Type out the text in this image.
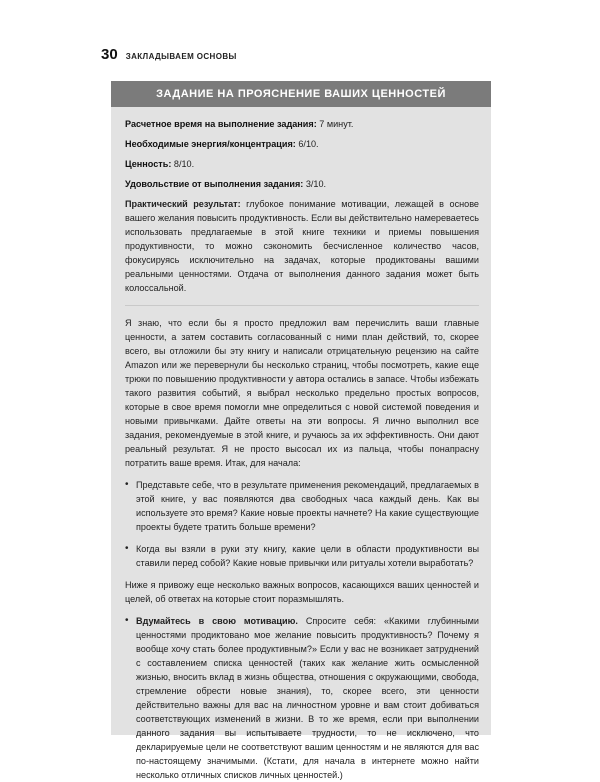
30 ЗАКЛАДЫВАЕМ ОСНОВЫ
ЗАДАНИЕ НА ПРОЯСНЕНИЕ ВАШИХ ЦЕННОСТЕЙ

Расчетное время на выполнение задания: 7 минут.

Необходимые энергия/концентрация: 6/10.

Ценность: 8/10.

Удовольствие от выполнения задания: 3/10.

Практический результат: глубокое понимание мотивации, лежащей в основе вашего желания повысить продуктивность. Если вы действительно намереваетесь использовать предлагаемые в этой книге техники и приемы повышения продуктивности, то можно сэкономить бесчисленное количество часов, фокусируясь исключительно на задачах, которые продиктованы вашими реальными ценностями. Отдача от выполнения данного задания может быть колоссальной.

Я знаю, что если бы я просто предложил вам перечислить ваши главные ценности, а затем составить согласованный с ними план действий, то, скорее всего, вы отложили бы эту книгу и написали отрицательную рецензию на сайте Amazon или же перевернули бы несколько страниц, чтобы посмотреть, какие еще трюки по повышению продуктивности у автора остались в запасе. Чтобы избежать такого развития событий, я выбрал несколько предельно простых вопросов, которые в свое время помогли мне определиться с новой системой поведения и новыми привычками. Дайте ответы на эти вопросы. Я лично выполнил все задания, рекомендуемые в этой книге, и ручаюсь за их эффективность. Они дают реальный результат. Я не просто высосал их из пальца, чтобы понапрасну потратить ваше время. Итак, для начала:

• Представьте себе, что в результате применения рекомендаций, предлагаемых в этой книге, у вас появляются два свободных часа каждый день. Как вы используете это время? Какие новые проекты начнете? На какие существующие проекты будете тратить больше времени?
• Когда вы взяли в руки эту книгу, какие цели в области продуктивности вы ставили перед собой? Какие новые привычки или ритуалы хотели выработать?

Ниже я привожу еще несколько важных вопросов, касающихся ваших ценностей и целей, об ответах на которые стоит поразмышлять.

• Вдумайтесь в свою мотивацию. Спросите себя: «Какими глубинными ценностями продиктовано мое желание повысить продуктивность? Почему я вообще хочу стать более продуктивным?» Если у вас не возникает затруднений с составлением списка ценностей (таких как желание жить осмысленной жизнью, вносить вклад в жизнь общества, отношения с окружающими, свобода, стремление обрести новые знания), то, скорее всего, эти ценности действительно важны для вас на личностном уровне и вам стоит добиваться соответствующих изменений в жизни. В то же время, если при выполнении данного задания вы испытываете трудности, то не исключено, что декларируемые цели не соответствуют вашим ценностям и не являются для вас по-настоящему значимыми. (Кстати, для начала в интернете можно найти несколько отличных списков личных ценностей.)
